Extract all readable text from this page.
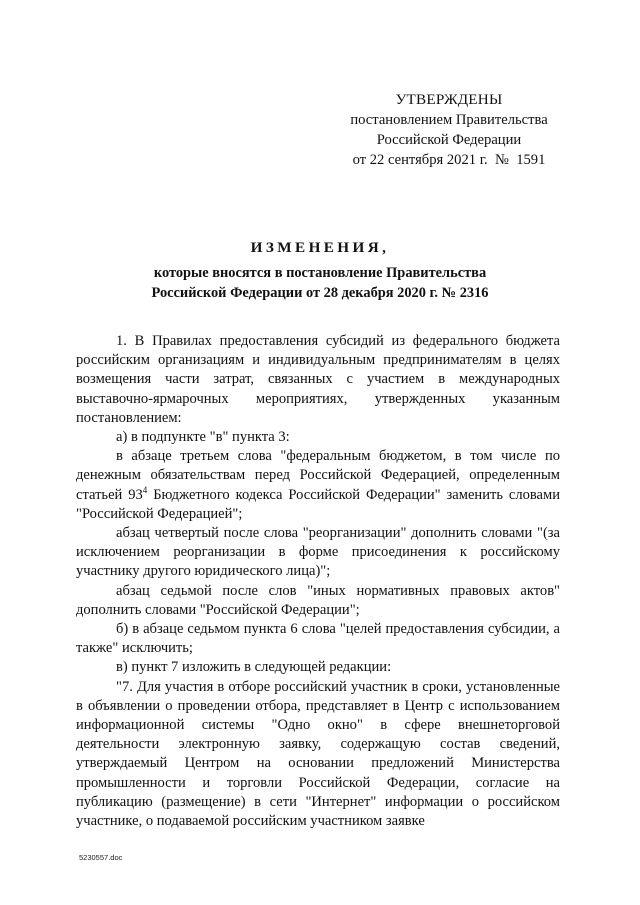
УТВЕРЖДЕНЫ
постановлением Правительства
Российской Федерации
от 22 сентября 2021 г.  №  1591
ИЗМЕНЕНИЯ,
которые вносятся в постановление Правительства
Российской Федерации от 28 декабря 2020 г. № 2316

1. В Правилах предоставления субсидий из федерального бюджета российским организациям и индивидуальным предпринимателям в целях возмещения части затрат, связанных с участием в международных выставочно-ярмарочных мероприятиях, утвержденных указанным постановлением:

а) в подпункте "в" пункта 3:

в абзаце третьем слова "федеральным бюджетом, в том числе по денежным обязательствам перед Российской Федерацией, определенным статьей $93^4$ Бюджетного кодекса Российской Федерации" заменить словами "Российской Федерацией";

абзац четвертый после слова "реорганизации" дополнить словами "(за исключением реорганизации в форме присоединения к российскому участнику другого юридического лица)";

абзац седьмой после слов "иных нормативных правовых актов" дополнить словами "Российской Федерации";

б) в абзаце седьмом пункта 6 слова "целей предоставления субсидии, а также" исключить;

в) пункт 7 изложить в следующей редакции:

"7. Для участия в отборе российский участник в сроки, установленные в объявлении о проведении отбора, представляет в Центр с использованием информационной системы "Одно окно" в сфере внешнеторговой деятельности электронную заявку, содержащую состав сведений, утверждаемый Центром на основании предложений Министерства промышленности и торговли Российской Федерации, согласие на публикацию (размещение) в сети "Интернет" информации о российском участнике, о подаваемой российским участником заявке

5230557.doc
